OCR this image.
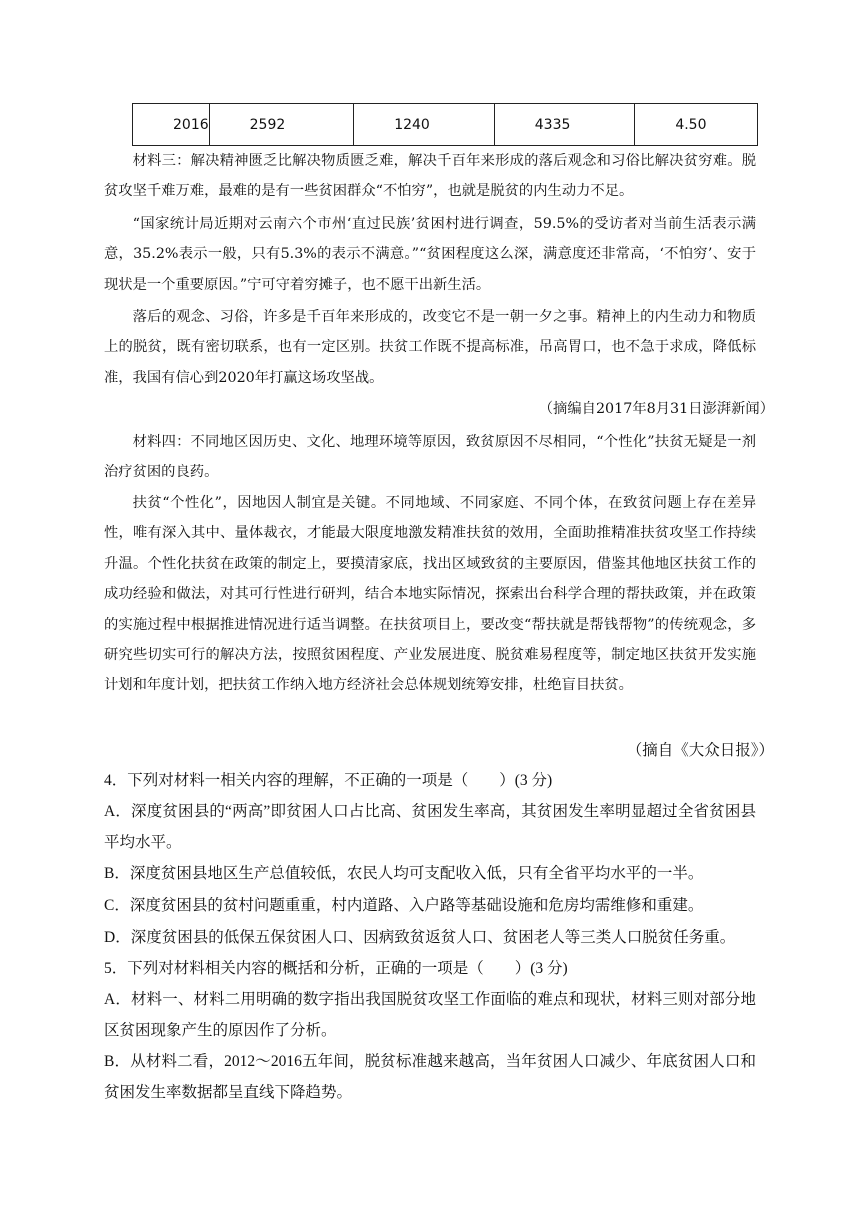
2016	2592	1240	4335	4.50

材料三：解决精神匮乏比解决物质匮乏难，解决千百年来形成的落后观念和习俗比解决贫穷难。脱贫攻坚千难万难，最难的是有一些贫困群众“不怕穷”，也就是脱贫的内生动力不足。

“国家统计局近期对云南六个市州‘直过民族’贫困村进行调查，59.5%的受访者对当前生活表示满意，35.2%表示一般，只有5.3%的表示不满意。”“贫困程度这么深，满意度还非常高，‘不怕穷’、安于现状是一个重要原因。”宁可守着穷摊子，也不愿干出新生活。

落后的观念、习俗，许多是千百年来形成的，改变它不是一朝一夕之事。精神上的内生动力和物质上的脱贫，既有密切联系，也有一定区别。扶贫工作既不提高标准，吊高胃口，也不急于求成，降低标准，我国有信心到2020年打赢这场攻坚战。

（摘编自2017年8月31日澎湃新闻）

材料四：不同地区因历史、文化、地理环境等原因，致贫原因不尽相同，“个性化”扶贫无疑是一剂治疗贫困的良药。

扶贫“个性化”，因地因人制宜是关键。不同地域、不同家庭、不同个体，在致贫问题上存在差异性，唯有深入其中、量体裁衣，才能最大限度地激发精准扶贫的效用，全面助推精准扶贫攻坚工作持续升温。个性化扶贫在政策的制定上，要摸清家底，找出区域致贫的主要原因，借鉴其他地区扶贫工作的成功经验和做法，对其可行性进行研判，结合本地实际情况，探索出台科学合理的帮扶政策，并在政策的实施过程中根据推进情况进行适当调整。在扶贫项目上，要改变“帮扶就是帮钱帮物”的传统观念，多研究些切实可行的解决方法，按照贫困程度、产业发展进度、脱贫难易程度等，制定地区扶贫开发实施计划和年度计划，把扶贫工作纳入地方经济社会总体规划统筹安排，杜绝盲目扶贫。

（摘自《大众日报》）

4．下列对材料一相关内容的理解，不正确的一项是（　　）(3 分)

A．深度贫困县的“两高”即贫困人口占比高、贫困发生率高，其贫困发生率明显超过全省贫困县平均水平。

B．深度贫困县地区生产总值较低，农民人均可支配收入低，只有全省平均水平的一半。

C．深度贫困县的贫村问题重重，村内道路、入户路等基础设施和危房均需维修和重建。

D．深度贫困县的低保五保贫困人口、因病致贫返贫人口、贫困老人等三类人口脱贫任务重。

5．下列对材料相关内容的概括和分析，正确的一项是（　　）(3 分)

A．材料一、材料二用明确的数字指出我国脱贫攻坚工作面临的难点和现状，材料三则对部分地区贫困现象产生的原因作了分析。

B．从材料二看，2012～2016五年间，脱贫标准越来越高，当年贫困人口减少、年底贫困人口和贫困发生率数据都呈直线下降趋势。
